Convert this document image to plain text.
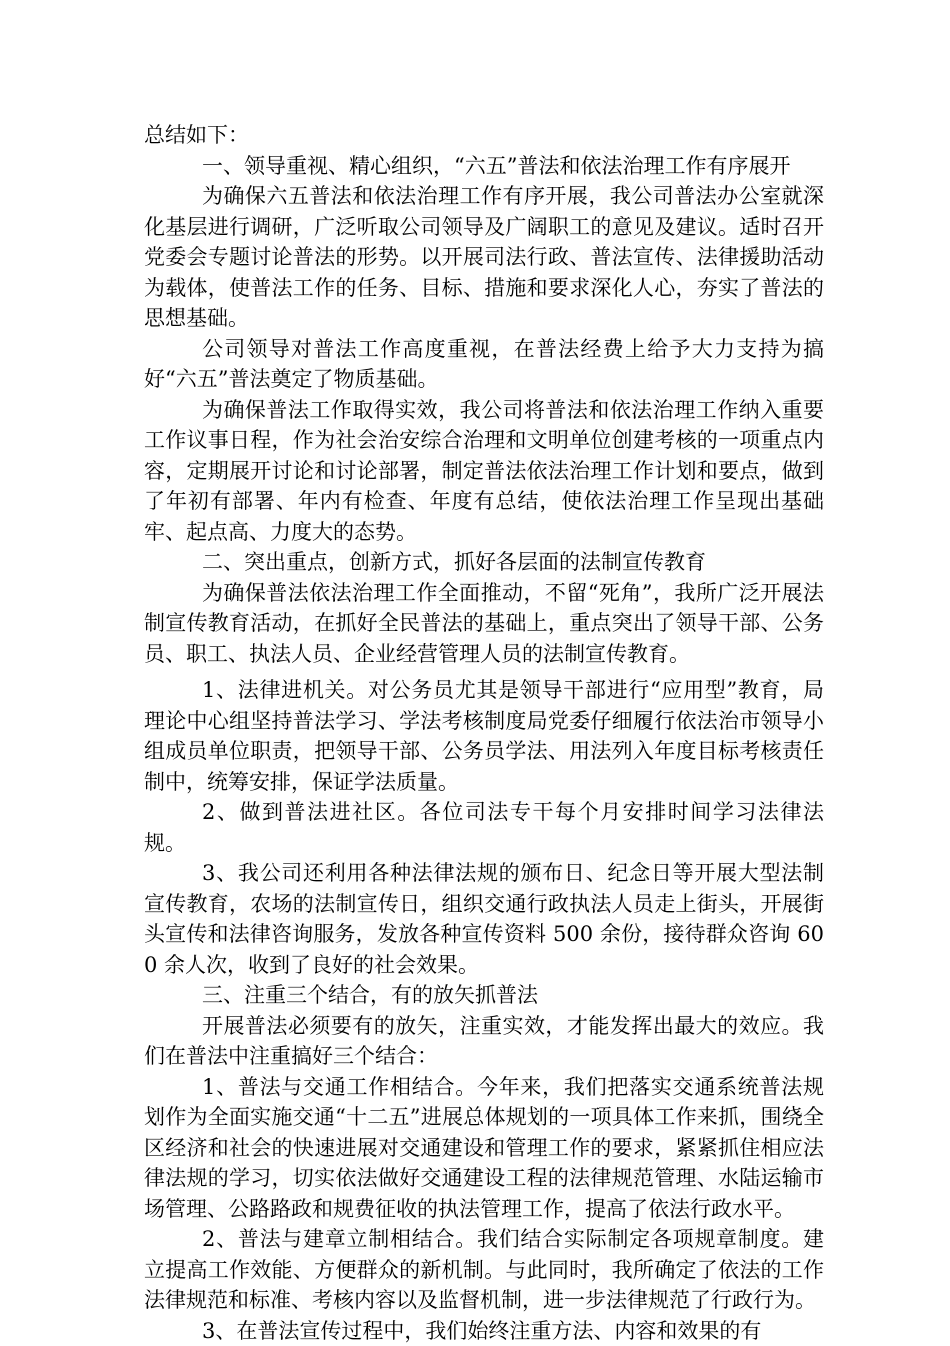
总结如下：

一、领导重视、精心组织，“六五”普法和依法治理工作有序展开

为确保六五普法和依法治理工作有序开展，我公司普法办公室就深化基层进行调研，广泛听取公司领导及广阔职工的意见及建议。适时召开党委会专题讨论普法的形势。以开展司法行政、普法宣传、法律援助活动为载体，使普法工作的任务、目标、措施和要求深化人心，夯实了普法的思想基础。

公司领导对普法工作高度重视，在普法经费上给予大力支持为搞好“六五”普法奠定了物质基础。

为确保普法工作取得实效，我公司将普法和依法治理工作纳入重要工作议事日程，作为社会治安综合治理和文明单位创建考核的一项重点内容，定期展开讨论和讨论部署，制定普法依法治理工作计划和要点，做到了年初有部署、年内有检查、年度有总结，使依法治理工作呈现出基础牢、起点高、力度大的态势。

二、突出重点，创新方式，抓好各层面的法制宣传教育

为确保普法依法治理工作全面推动，不留“死角”，我所广泛开展法制宣传教育活动，在抓好全民普法的基础上，重点突出了领导干部、公务员、职工、执法人员、企业经营管理人员的法制宣传教育。

1、法律进机关。对公务员尤其是领导干部进行“应用型”教育，局理论中心组坚持普法学习、学法考核制度局党委仔细履行依法治市领导小组成员单位职责，把领导干部、公务员学法、用法列入年度目标考核责任制中，统筹安排，保证学法质量。

2、做到普法进社区。各位司法专干每个月安排时间学习法律法规。

3、我公司还利用各种法律法规的颁布日、纪念日等开展大型法制宣传教育，农场的法制宣传日，组织交通行政执法人员走上街头，开展街头宣传和法律咨询服务，发放各种宣传资料 500 余份，接待群众咨询 600 余人次，收到了良好的社会效果。

三、注重三个结合，有的放矢抓普法

开展普法必须要有的放矢，注重实效，才能发挥出最大的效应。我们在普法中注重搞好三个结合：

1、普法与交通工作相结合。今年来，我们把落实交通系统普法规划作为全面实施交通“十二五”进展总体规划的一项具体工作来抓，围绕全区经济和社会的快速进展对交通建设和管理工作的要求，紧紧抓住相应法律法规的学习，切实依法做好交通建设工程的法律规范管理、水陆运输市场管理、公路路政和规费征收的执法管理工作，提高了依法行政水平。

2、普法与建章立制相结合。我们结合实际制定各项规章制度。建立提高工作效能、方便群众的新机制。与此同时，我所确定了依法的工作法律规范和标准、考核内容以及监督机制，进一步法律规范了行政行为。

3、在普法宣传过程中，我们始终注重方法、内容和效果的有
